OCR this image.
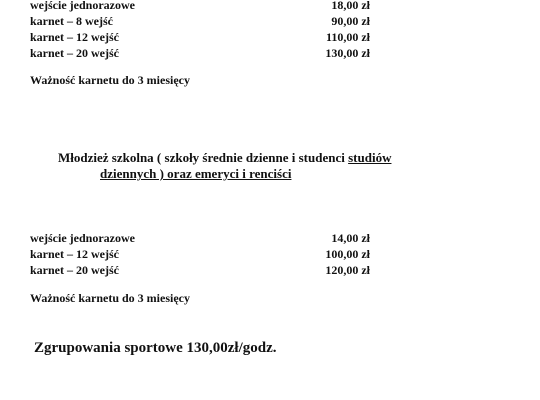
wejście jednorazowe	18,00 zł
karnet – 8 wejść	90,00 zł
karnet – 12 wejść	110,00 zł
karnet – 20 wejść	130,00 zł
Ważność karnetu do 3 miesięcy
Młodzież szkolna ( szkoły średnie dzienne i studenci studiów
dziennych ) oraz emeryci i renciści
wejście jednorazowe	14,00 zł
karnet – 12 wejść	100,00 zł
karnet – 20 wejść	120,00 zł
Ważność karnetu do 3 miesięcy
Zgrupowania sportowe 130,00zł/godz.
